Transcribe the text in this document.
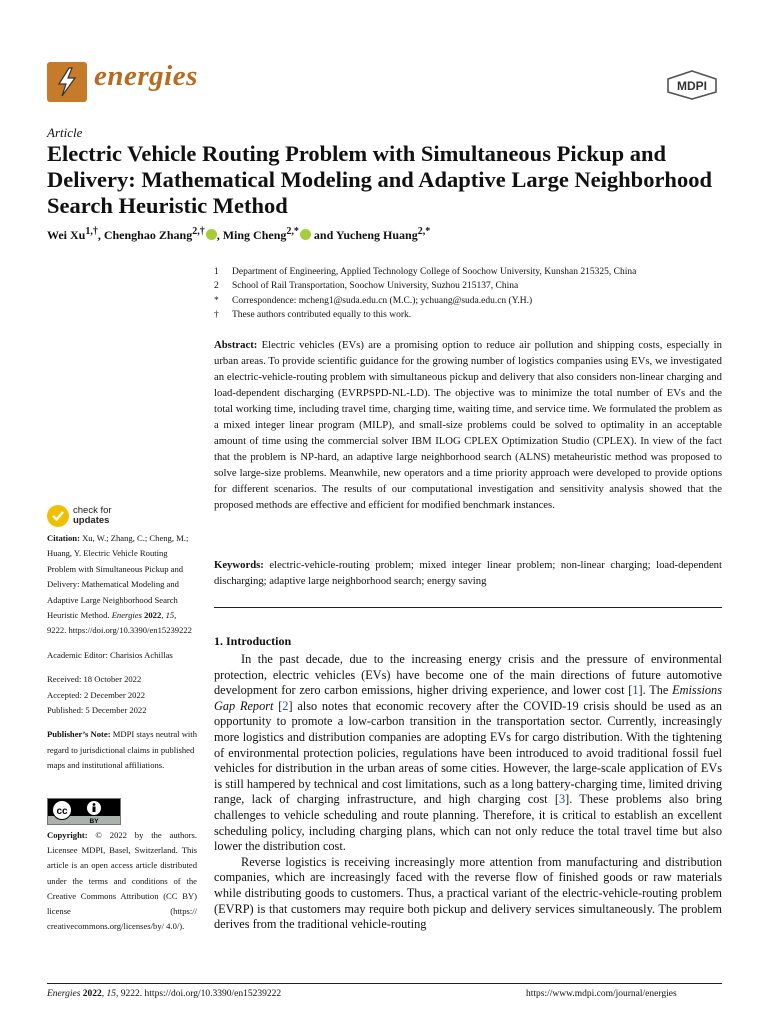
energies	MDPI
Article
Electric Vehicle Routing Problem with Simultaneous Pickup and Delivery: Mathematical Modeling and Adaptive Large Neighborhood Search Heuristic Method
Wei $Xu^{1,\dagger}$, Chenghao Zhang$^{2,\dagger}$ , Ming Cheng$^{2,*}$ and Yucheng Huang$^{2,*}$
1	Department of Engineering, Applied Technology College of Soochow University, Kunshan 215325, China
2	School of Rail Transportation, Soochow University, Suzhou 215137, China
*	Correspondence: mcheng1@suda.edu.cn (M.C.); ychuang@suda.edu.cn (Y.H.)
†	These authors contributed equally to this work.
Abstract: Electric vehicles (EVs) are a promising option to reduce air pollution and shipping costs, especially in urban areas. To provide scientific guidance for the growing number of logistics companies using EVs, we investigated an electric-vehicle-routing problem with simultaneous pickup and delivery that also considers non-linear charging and load-dependent discharging (EVRPSPD-NL-LD). The objective was to minimize the total number of EVs and the total working time, including travel time, charging time, waiting time, and service time. We formulated the problem as a mixed integer linear program (MILP), and small-size problems could be solved to optimality in an acceptable amount of time using the commercial solver IBM ILOG CPLEX Optimization Studio (CPLEX). In view of the fact that the problem is NP-hard, an adaptive large neighborhood search (ALNS) metaheuristic method was proposed to solve large-size problems. Meanwhile, new operators and a time priority approach were developed to provide options for different scenarios. The results of our computational investigation and sensitivity analysis showed that the proposed methods are effective and efficient for modified benchmark instances.
Keywords: electric-vehicle-routing problem; mixed integer linear problem; non-linear charging; load-dependent discharging; adaptive large neighborhood search; energy saving
check for
updates

Citation: Xu, W.; Zhang, C.; Cheng, M.; Huang, Y. Electric Vehicle Routing Problem with Simultaneous Pickup and Delivery: Mathematical Modeling and Adaptive Large Neighborhood Search Heuristic Method. Energies 2022, 15, 9222. https://doi.org/10.3390/en15239222

Academic Editor: Charisios Achillas

Received: 18 October 2022

Accepted: 2 December 2022

Published: 5 December 2022

Publisher’s Note: MDPI stays neutral with regard to jurisdictional claims in published maps and institutional affiliations.

cc
BY
Copyright: © 2022 by the authors. Licensee MDPI, Basel, Switzerland. This article is an open access article distributed under the terms and conditions of the Creative Commons Attribution (CC BY) license (https:// creativecommons.org/licenses/by/ 4.0/).
1. Introduction

In the past decade, due to the increasing energy crisis and the pressure of environmental protection, electric vehicles (EVs) have become one of the main directions of future automotive development for zero carbon emissions, higher driving experience, and lower cost [1]. The Emissions Gap Report [2] also notes that economic recovery after the COVID-19 crisis should be used as an opportunity to promote a low-carbon transition in the transportation sector. Currently, increasingly more logistics and distribution companies are adopting EVs for cargo distribution. With the tightening of environmental protection policies, regulations have been introduced to avoid traditional fossil fuel vehicles for distribution in the urban areas of some cities. However, the large-scale application of EVs is still hampered by technical and cost limitations, such as a long battery-charging time, limited driving range, lack of charging infrastructure, and high charging cost [3]. These problems also bring challenges to vehicle scheduling and route planning. Therefore, it is critical to establish an excellent scheduling policy, including charging plans, which can not only reduce the total travel time but also lower the distribution cost.

Reverse logistics is receiving increasingly more attention from manufacturing and distribution companies, which are increasingly faced with the reverse flow of finished goods or raw materials while distributing goods to customers. Thus, a practical variant of the electric-vehicle-routing problem (EVRP) is that customers may require both pickup and delivery services simultaneously. The problem derives from the traditional vehicle-routing

Energies 2022, 15, 9222. https://doi.org/10.3390/en15239222	https://www.mdpi.com/journal/energies
